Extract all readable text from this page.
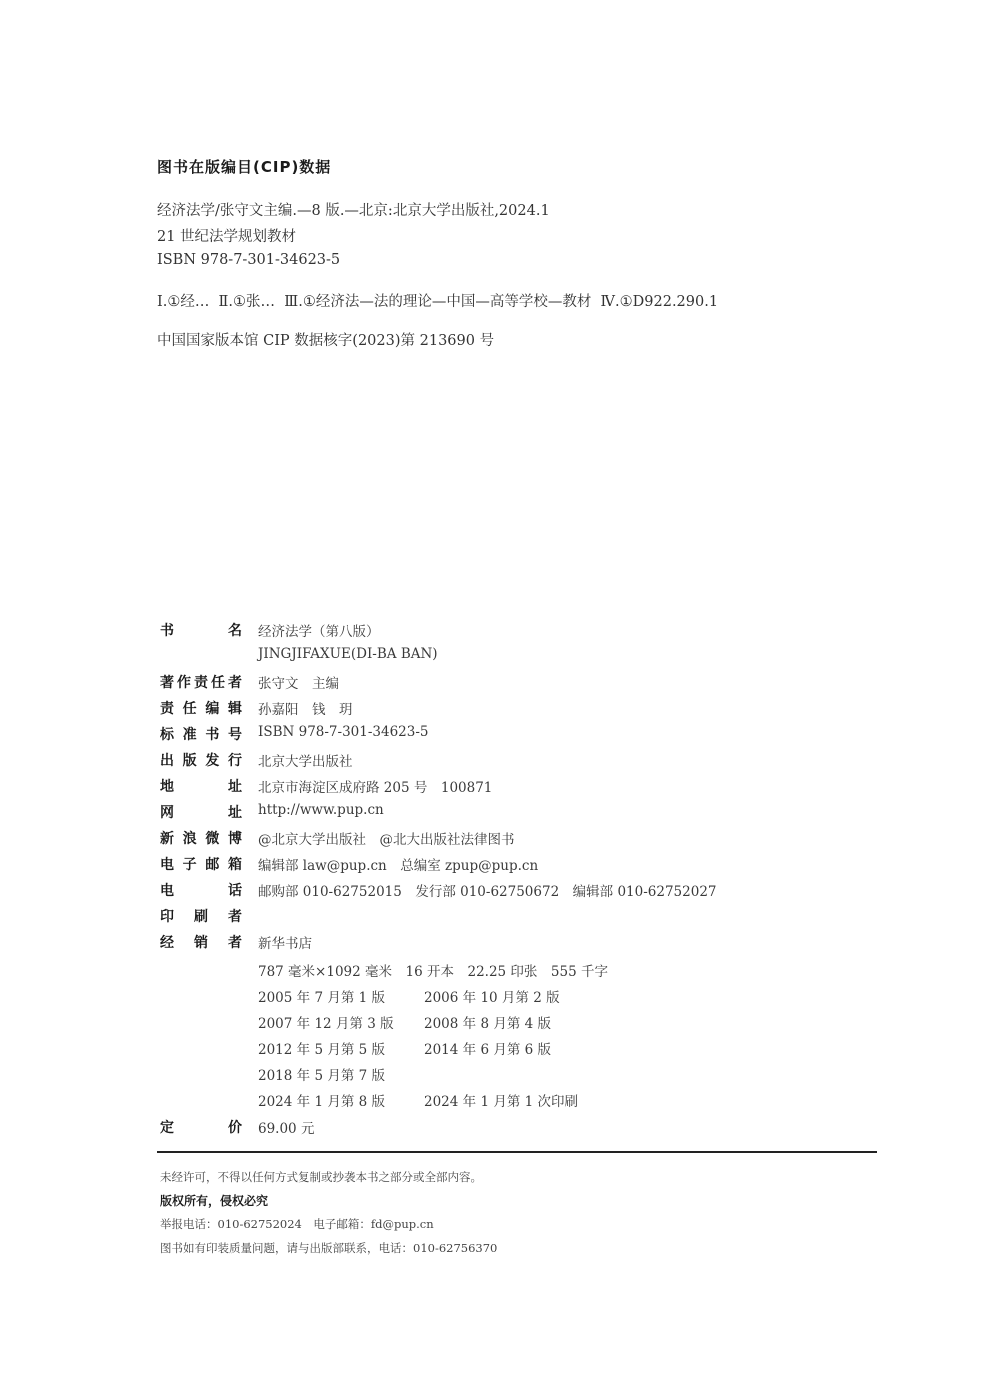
图书在版编目(CIP)数据
经济法学/张守文主编.—8 版.—北京:北京大学出版社,2024.1
21 世纪法学规划教材
ISBN 978-7-301-34623-5
Ⅰ.①经…  Ⅱ.①张…  Ⅲ.①经济法—法的理论—中国—高等学校—教材  Ⅳ.①D922.290.1
中国国家版本馆 CIP 数据核字(2023)第 213690 号
书	名 经济法学（第八版）
JINGJIFAXUE(DI-BA BAN)
著 作 责 任 者 张守文　主编
责 任 编 辑 孙嘉阳　钱　玥
标 准 书 号 ISBN 978-7-301-34623-5
出 版 发 行 北京大学出版社
地	址 北京市海淀区成府路 205 号　100871
网	址 http://www.pup.cn
新 浪 微 博 @北京大学出版社　@北大出版社法律图书
电 子 邮 箱 编辑部 law@pup.cn　总编室 zpup@pup.cn
电	话 邮购部 010-62752015　发行部 010-62750672　编辑部 010-62752027
印 刷 者
经 销 者 新华书店
787 毫米×1092 毫米　16 开本　22.25 印张　555 千字
2005 年 7 月第 1 版	2006 年 10 月第 2 版
2007 年 12 月第 3 版 2008 年 8 月第 4 版
2012 年 5 月第 5 版	2014 年 6 月第 6 版
2018 年 5 月第 7 版
2024 年 1 月第 8 版	2024 年 1 月第 1 次印刷
定	价 69.00 元
未经许可，不得以任何方式复制或抄袭本书之部分或全部内容。
版权所有，侵权必究
举报电话：010-62752024　电子邮箱：fd@pup.cn
图书如有印装质量问题，请与出版部联系，电话：010-62756370
